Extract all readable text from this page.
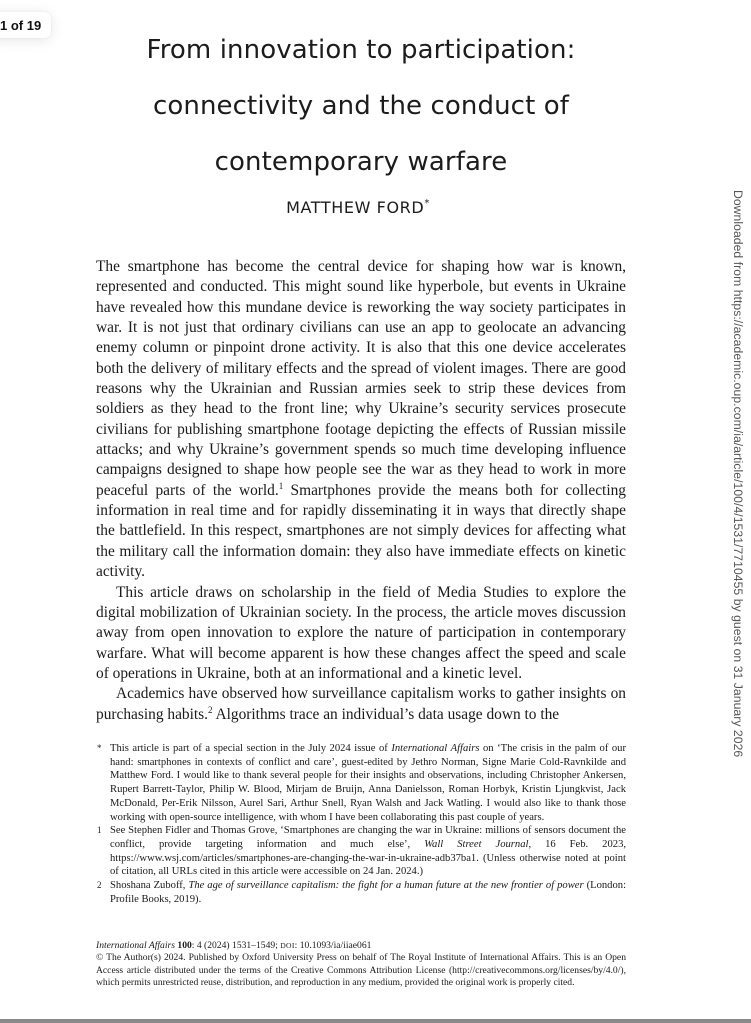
1 of 19
From innovation to participation:
connectivity and the conduct of
contemporary warfare
MATTHEW FORD*

The smartphone has become the central device for shaping how war is known, represented and conducted. This might sound like hyperbole, but events in Ukraine have revealed how this mundane device is reworking the way society participates in war. It is not just that ordinary civilians can use an app to geolocate an advancing enemy column or pinpoint drone activity. It is also that this one device accelerates both the delivery of military effects and the spread of violent images. There are good reasons why the Ukrainian and Russian armies seek to strip these devices from soldiers as they head to the front line; why Ukraine’s security services prosecute civilians for publishing smartphone footage depicting the effects of Russian missile attacks; and why Ukraine’s government spends so much time developing influence campaigns designed to shape how people see the war as they head to work in more peaceful parts of the world.$^1$ Smartphones provide the means both for collecting information in real time and for rapidly disseminating it in ways that directly shape the battlefield. In this respect, smartphones are not simply devices for affecting what the military call the information domain: they also have immediate effects on kinetic activity.

This article draws on scholarship in the field of Media Studies to explore the digital mobilization of Ukrainian society. In the process, the article moves discussion away from open innovation to explore the nature of participation in contemporary warfare. What will become apparent is how these changes affect the speed and scale of operations in Ukraine, both at an informational and a kinetic level.

Academics have observed how surveillance capitalism works to gather insights on purchasing habits.$^2$ Algorithms trace an individual’s data usage down to the

* This article is part of a special section in the July 2024 issue of International Affairs on ‘The crisis in the palm of our hand: smartphones in contexts of conflict and care’, guest-edited by Jethro Norman, Signe Marie Cold-Ravnkilde and Matthew Ford. I would like to thank several people for their insights and observations, including Christopher Ankersen, Rupert Barrett-Taylor, Philip W. Blood, Mirjam de Bruijn, Anna Danielsson, Roman Horbyk, Kristin Ljungkvist, Jack McDonald, Per-Erik Nilsson, Aurel Sari, Arthur Snell, Ryan Walsh and Jack Watling. I would also like to thank those working with open-source intelligence, with whom I have been collaborating this past couple of years.
1 See Stephen Fidler and Thomas Grove, ‘Smartphones are changing the war in Ukraine: millions of sensors document the conflict, provide targeting information and much else’, Wall Street Journal, 16 Feb. 2023, https://www.wsj.com/articles/smartphones-are-changing-the-war-in-ukraine-adb37ba1. (Unless otherwise noted at point of citation, all URLs cited in this article were accessible on 24 Jan. 2024.)
2 Shoshana Zuboff, The age of surveillance capitalism: the fight for a human future at the new frontier of power (London: Profile Books, 2019).
International Affairs 100: 4 (2024) 1531–1549; DOI: 10.1093/ia/iiae061
© The Author(s) 2024. Published by Oxford University Press on behalf of The Royal Institute of International Affairs. This is an Open Access article distributed under the terms of the Creative Commons Attribution License (http://creativecommons.org/licenses/by/4.0/), which permits unrestricted reuse, distribution, and reproduction in any medium, provided the original work is properly cited.
Downloaded from https://academic.oup.com/ia/article/100/4/1531/7710455 by guest on 31 January 2026
